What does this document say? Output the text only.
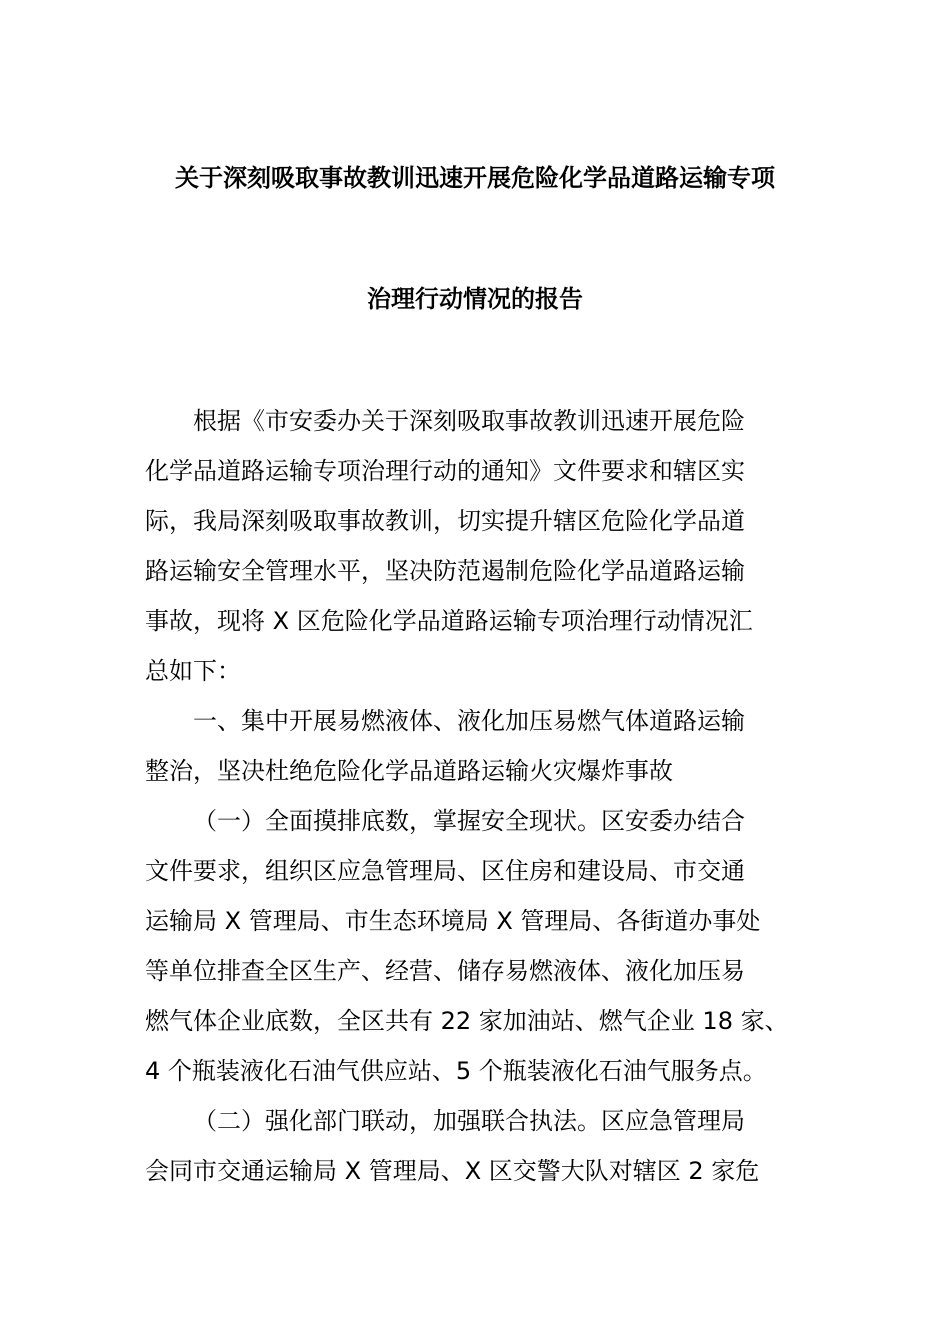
关于深刻吸取事故教训迅速开展危险化学品道路运输专项
治理行动情况的报告
根据《市安委办关于深刻吸取事故教训迅速开展危险
化学品道路运输专项治理行动的通知》文件要求和辖区实
际，我局深刻吸取事故教训，切实提升辖区危险化学品道
路运输安全管理水平，坚决防范遏制危险化学品道路运输
事故，现将 X 区危险化学品道路运输专项治理行动情况汇
总如下：
一、集中开展易燃液体、液化加压易燃气体道路运输
整治，坚决杜绝危险化学品道路运输火灾爆炸事故
（一）全面摸排底数，掌握安全现状。区安委办结合
文件要求，组织区应急管理局、区住房和建设局、市交通
运输局 X 管理局、市生态环境局 X 管理局、各街道办事处
等单位排查全区生产、经营、储存易燃液体、液化加压易
燃气体企业底数，全区共有 22 家加油站、燃气企业 18 家、
4 个瓶装液化石油气供应站、5 个瓶装液化石油气服务点。
（二）强化部门联动，加强联合执法。区应急管理局
会同市交通运输局 X 管理局、X 区交警大队对辖区 2 家危
